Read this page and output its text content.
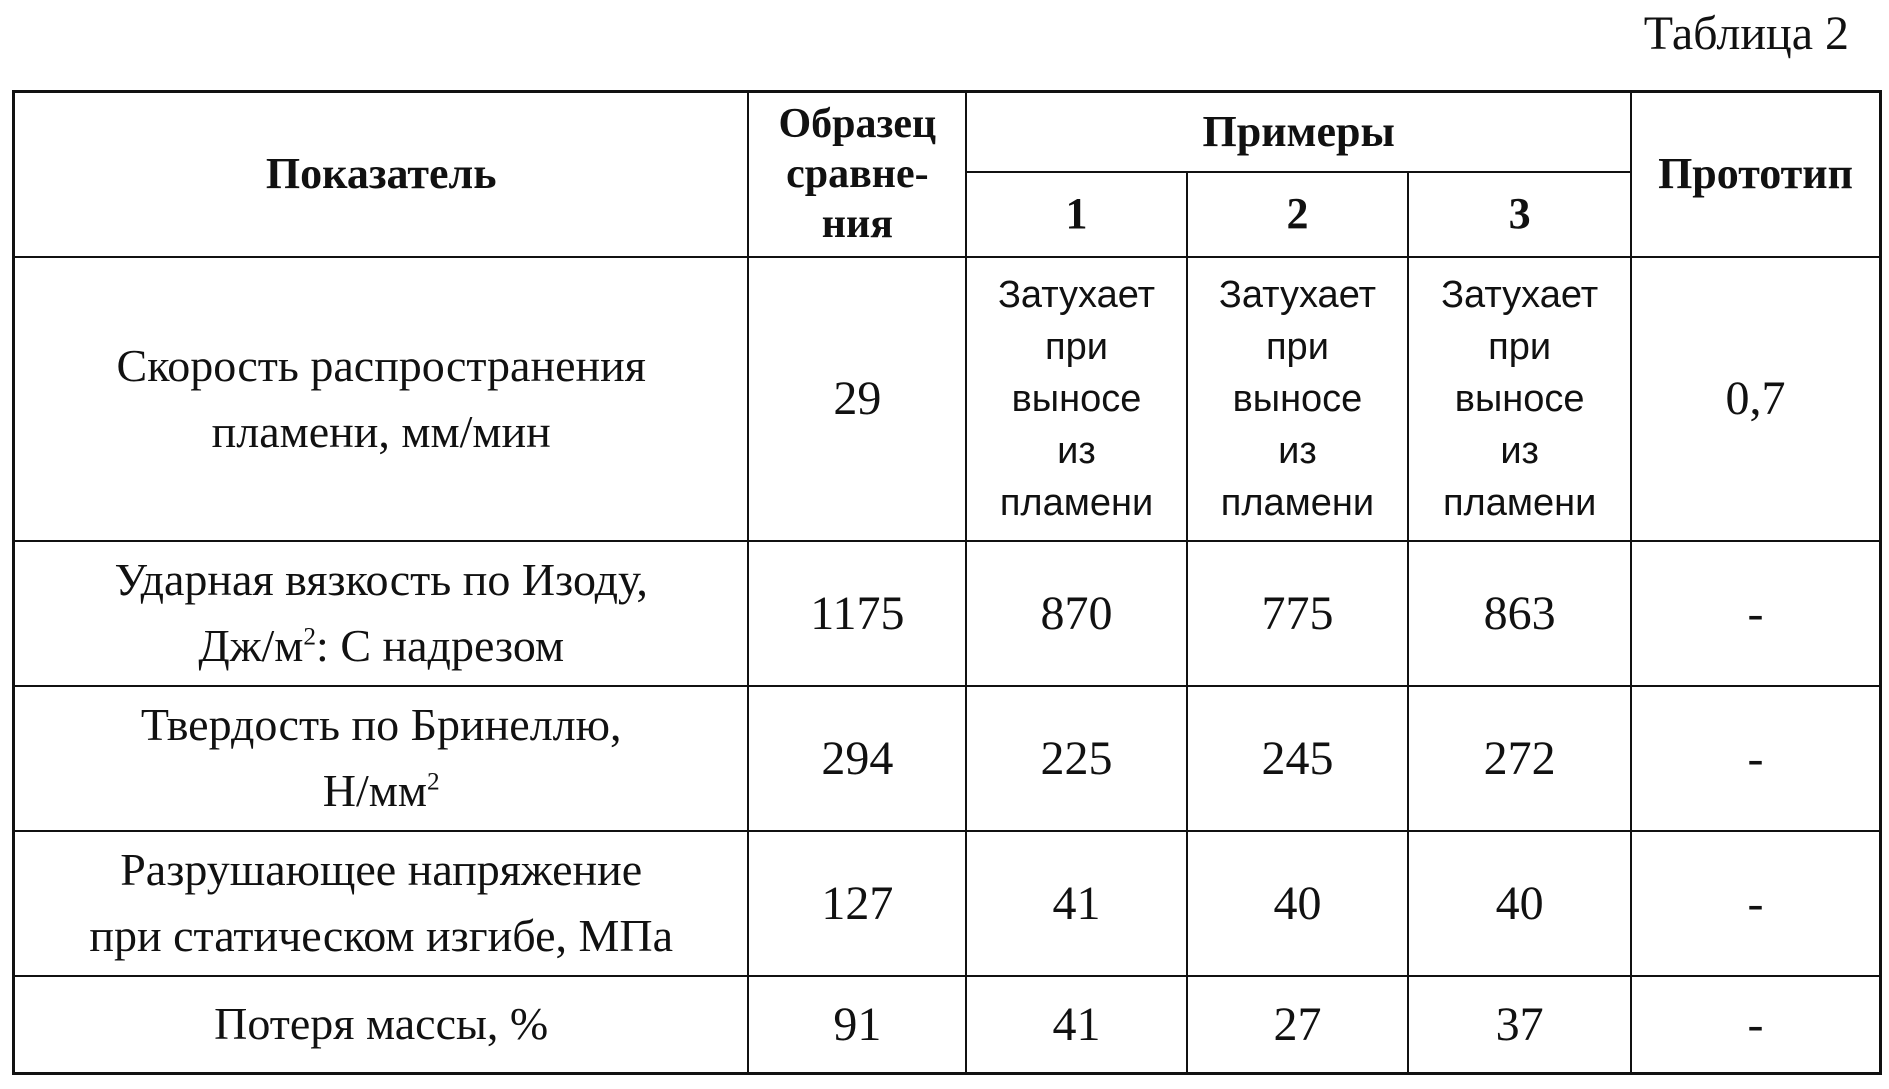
Таблица 2
Показатель	Образец
сравне-
ния	Примеры			Прототип
		1	2	3	

Скорость распространения
пламени, мм/мин	29	Затухает
при
выносе
из
пламени	Затухает
при
выносе
из
пламени	Затухает
при
выносе
из
пламени	0,7

Ударная вязкость по Изоду,
$Дж/м^2$: С надрезом	1175	870	775	863	-

Твердость по Бринеллю,
$Н/мм^2$	294	225	245	272	-

Разрушающее напряжение
при статическом изгибе, МПа	127	41	40	40	-

Потеря массы, %	91	41	27	37	-
